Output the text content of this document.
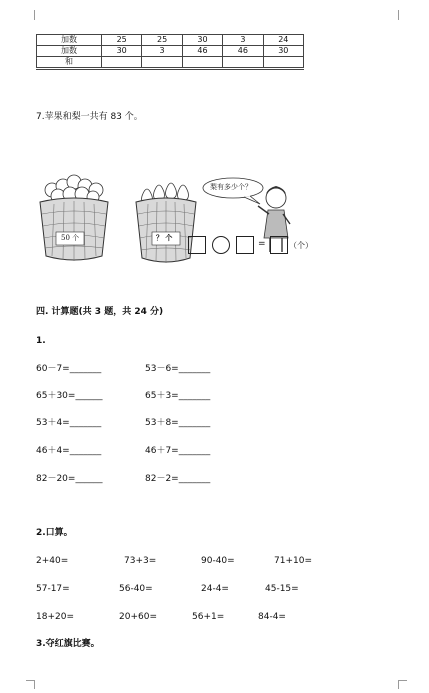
加数	25	25	30	3	24
加数	30	3	46	46	30
和					
7.苹果和梨一共有 83 个。
50 个	？ 个
梨有多少个？
=	（个）
四. 计算题(共 3 题，共 24 分)
1.
60－7=_______	53－6=_______
65＋30=______	65＋3=_______
53＋4=_______	53＋8=_______
46＋4=_______	46＋7=_______
82－20=______	82－2=_______
2.口算。
2+40=	73+3=	90-40=	71+10=
57-17=	56-40=	24-4=	45-15=
18+20=	20+60=	56+1=	84-4=
3.夺红旗比赛。
